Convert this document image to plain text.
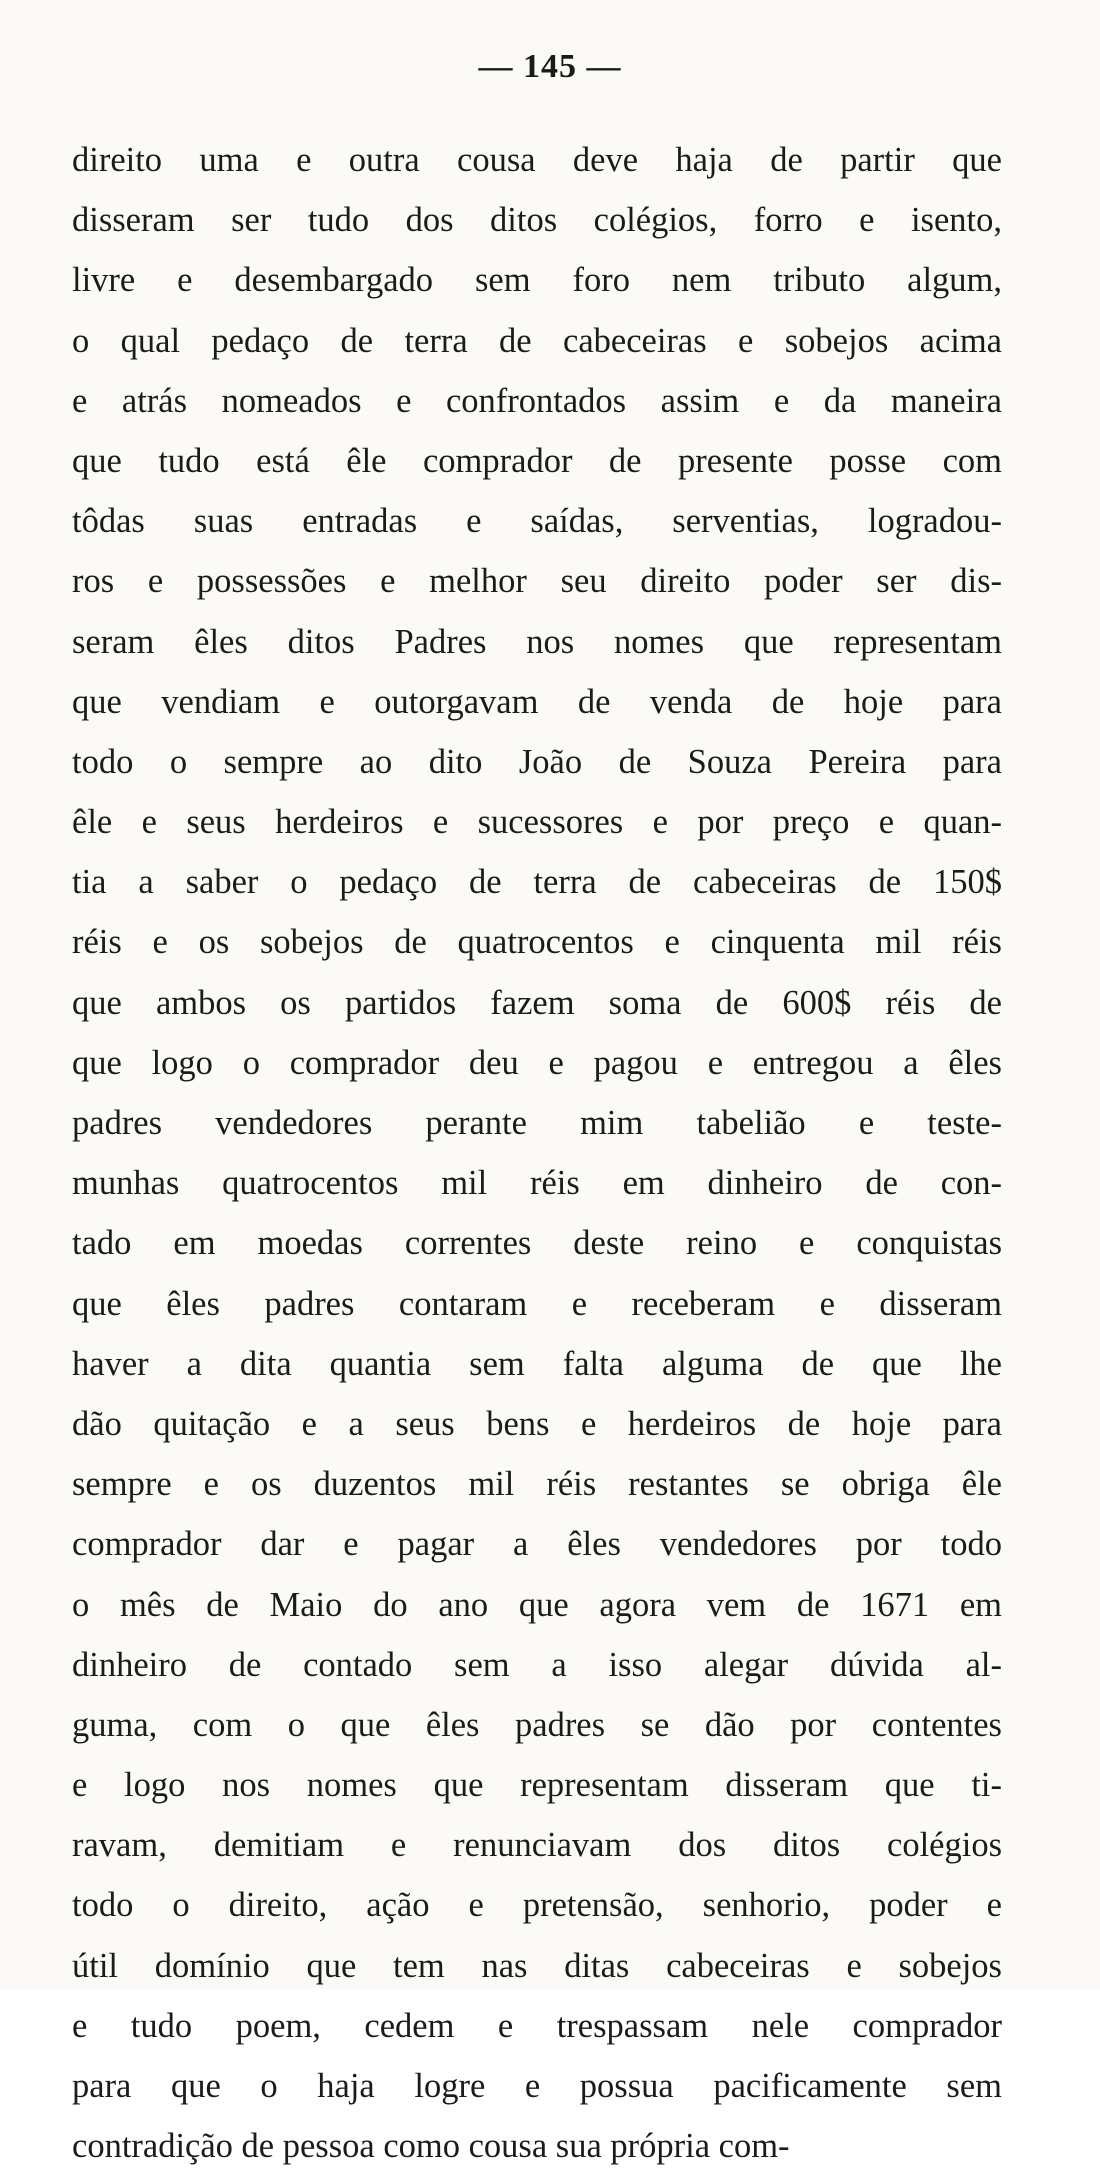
— 145 —
direito uma e outra cousa deve haja de partir que
disseram ser tudo dos ditos colégios, forro e isento,
livre e desembargado sem foro nem tributo algum,
o qual pedaço de terra de cabeceiras e sobejos acima
e atrás nomeados e confrontados assim e da maneira
que tudo está êle comprador de presente posse com
tôdas suas entradas e saídas, serventias, logradou-
ros e possessões e melhor seu direito poder ser dis-
seram êles ditos Padres nos nomes que representam
que vendiam e outorgavam de venda de hoje para
todo o sempre ao dito João de Souza Pereira para
êle e seus herdeiros e sucessores e por preço e quan-
tia a saber o pedaço de terra de cabeceiras de 150$
réis e os sobejos de quatrocentos e cinquenta mil réis
que ambos os partidos fazem soma de 600$ réis de
que logo o comprador deu e pagou e entregou a êles
padres vendedores perante mim tabelião e teste-
munhas quatrocentos mil réis em dinheiro de con-
tado em moedas correntes deste reino e conquistas
que êles padres contaram e receberam e disseram
haver a dita quantia sem falta alguma de que lhe
dão quitação e a seus bens e herdeiros de hoje para
sempre e os duzentos mil réis restantes se obriga êle
comprador dar e pagar a êles vendedores por todo
o mês de Maio do ano que agora vem de 1671 em
dinheiro de contado sem a isso alegar dúvida al-
guma, com o que êles padres se dão por contentes
e logo nos nomes que representam disseram que ti-
ravam, demitiam e renunciavam dos ditos colégios
todo o direito, ação e pretensão, senhorio, poder e
útil domínio que tem nas ditas cabeceiras e sobejos
e tudo poem, cedem e trespassam nele comprador
para que o haja logre e possua pacificamente sem
contradição de pessoa como cousa sua própria com-
